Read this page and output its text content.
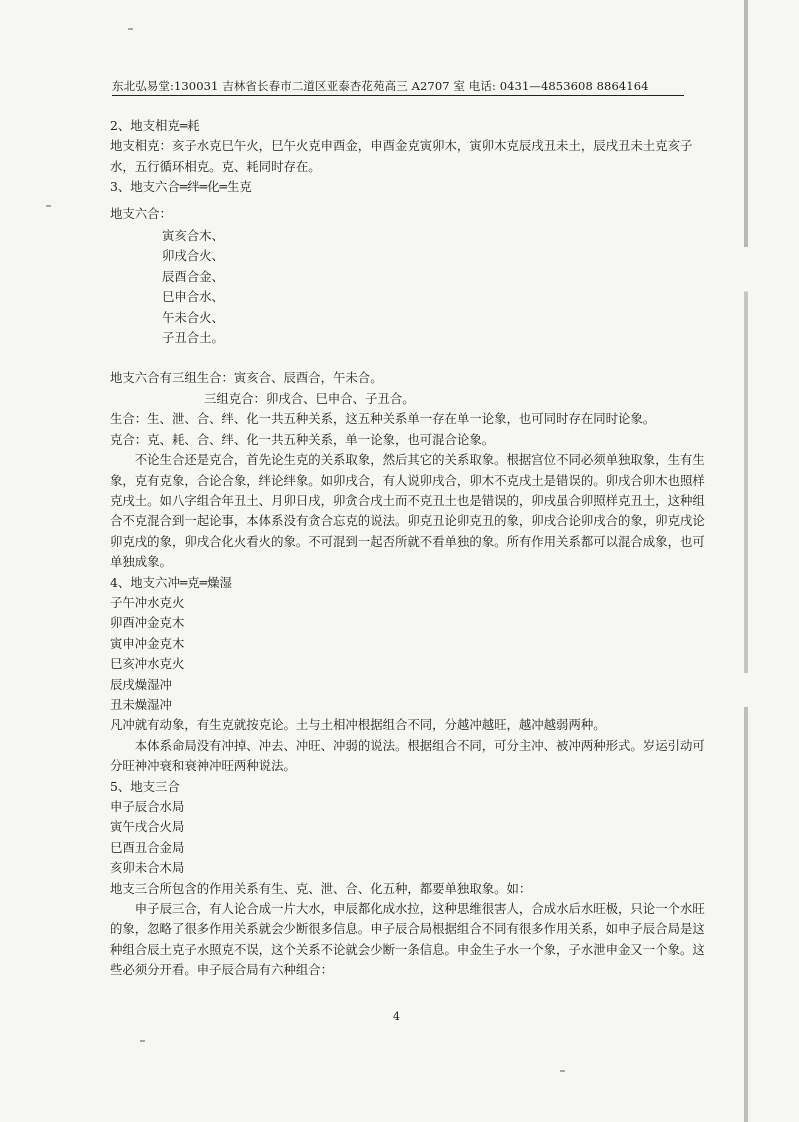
东北弘易堂:130031 吉林省长春市二道区亚泰杏花苑高三 A2707 室 电话: 0431—4853608 8864164

2、地支相克═耗

地支相克：亥子水克巳午火，巳午火克申酉金，申酉金克寅卯木，寅卯木克辰戌丑未土，辰戌丑未土克亥子水，五行循环相克。克、耗同时存在。

3、地支六合═绊═化═生克

地支六合：

寅亥合木、

卯戌合火、

辰酉合金、

巳申合水、

午未合火、

子丑合土。

地支六合有三组生合：寅亥合、辰酉合，午未合。

三组克合：卯戌合、巳申合、子丑合。

生合：生、泄、合、绊、化一共五种关系，这五种关系单一存在单一论象，也可同时存在同时论象。

克合：克、耗、合、绊、化一共五种关系，单一论象，也可混合论象。

不论生合还是克合，首先论生克的关系取象，然后其它的关系取象。根据宫位不同必须单独取象，生有生象，克有克象，合论合象，绊论绊象。如卯戌合，有人说卯戌合，卯木不克戌土是错误的。卯戌合卯木也照样克戌土。如八字组合年丑土、月卯日戌，卯贪合戌土而不克丑土也是错误的，卯戌虽合卯照样克丑土，这种组合不克混合到一起论事，本体系没有贪合忘克的说法。卯克丑论卯克丑的象，卯戌合论卯戌合的象，卯克戌论卯克戌的象，卯戌合化火看火的象。不可混到一起否所就不看单独的象。所有作用关系都可以混合成象，也可单独成象。

4、地支六冲═克═燥湿

子午冲水克火

卯酉冲金克木

寅申冲金克木

巳亥冲水克火

辰戌燥湿冲

丑未燥湿冲

凡冲就有动象，有生克就按克论。土与土相冲根据组合不同，分越冲越旺，越冲越弱两种。

本体系命局没有冲掉、冲去、冲旺、冲弱的说法。根据组合不同，可分主冲、被冲两种形式。岁运引动可分旺神冲衰和衰神冲旺两种说法。

5、地支三合

申子辰合水局

寅午戌合火局

巳酉丑合金局

亥卯未合木局

地支三合所包含的作用关系有生、克、泄、合、化五种，都要单独取象。如：

申子辰三合，有人论合成一片大水，申辰都化成水拉，这种思维很害人，合成水后水旺极，只论一个水旺的象，忽略了很多作用关系就会少断很多信息。申子辰合局根据组合不同有很多作用关系，如申子辰合局是这种组合辰土克子水照克不误，这个关系不论就会少断一条信息。申金生子水一个象，子水泄申金又一个象。这些必须分开看。申子辰合局有六种组合：

4
